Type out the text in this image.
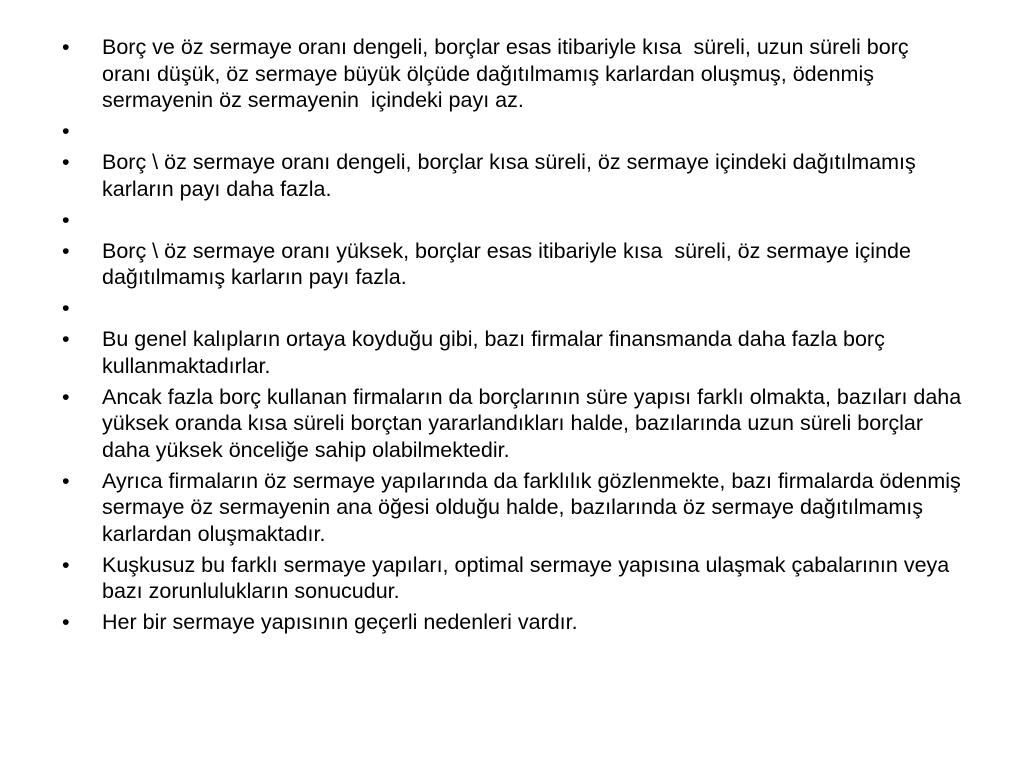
•	Borç ve öz sermaye oranı dengeli, borçlar esas itibariyle kısa  süreli, uzun süreli borç oranı düşük, öz sermaye büyük ölçüde dağıtılmamış karlardan oluşmuş, ödenmiş sermayenin öz sermayenin  içindeki payı az.
•
•	Borç \ öz sermaye oranı dengeli, borçlar kısa süreli, öz sermaye içindeki dağıtılmamış karların payı daha fazla.
•
•	Borç \ öz sermaye oranı yüksek, borçlar esas itibariyle kısa  süreli, öz sermaye içinde dağıtılmamış karların payı fazla.
•
•	Bu genel kalıpların ortaya koyduğu gibi, bazı firmalar finansmanda daha fazla borç kullanmaktadırlar.
•	Ancak fazla borç kullanan firmaların da borçlarının süre yapısı farklı olmakta, bazıları daha yüksek oranda kısa süreli borçtan yararlandıkları halde, bazılarında uzun süreli borçlar daha yüksek önceliğe sahip olabilmektedir.
•	Ayrıca firmaların öz sermaye yapılarında da farklılık gözlenmekte, bazı firmalarda ödenmiş sermaye öz sermayenin ana öğesi olduğu halde, bazılarında öz sermaye dağıtılmamış karlardan oluşmaktadır.
•	Kuşkusuz bu farklı sermaye yapıları, optimal sermaye yapısına ulaşmak çabalarının veya bazı zorunlulukların sonucudur.
•	Her bir sermaye yapısının geçerli nedenleri vardır.
